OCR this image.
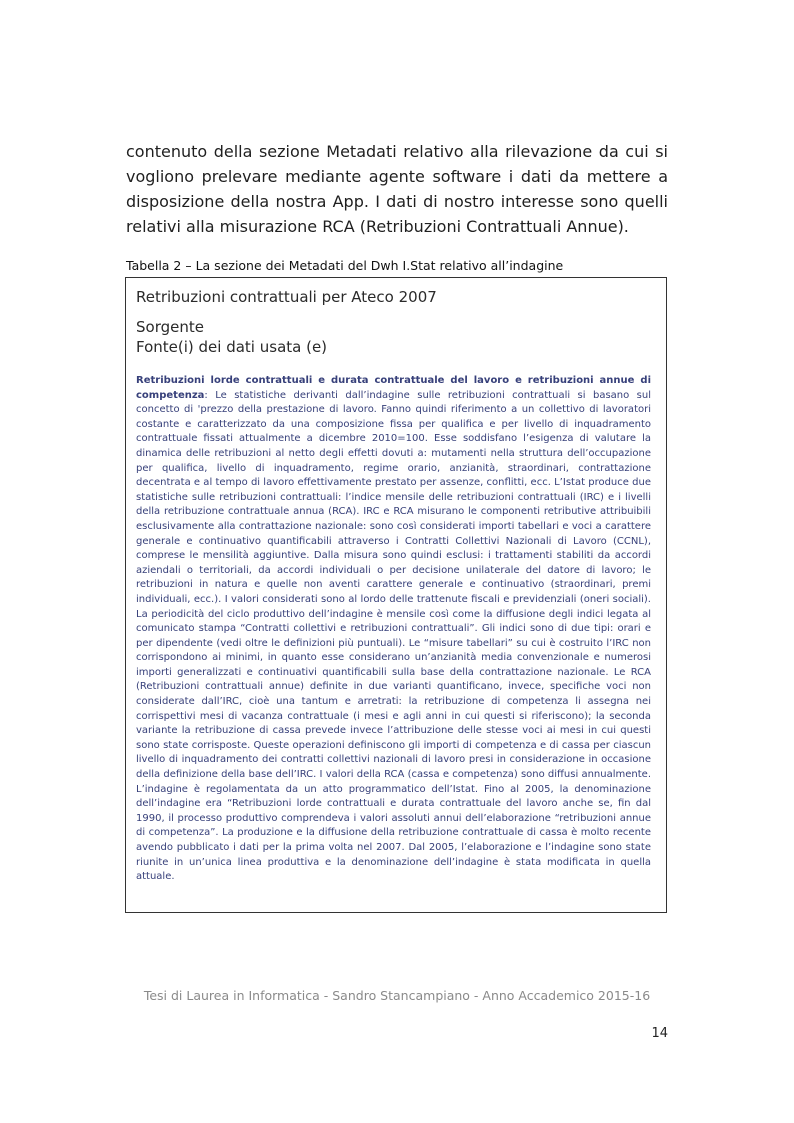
contenuto della sezione Metadati relativo alla rilevazione da cui si vogliono prelevare mediante agente software i dati da mettere a disposizione della nostra App. I dati di nostro interesse sono quelli relativi alla misurazione RCA (Retribuzioni Contrattuali Annue).

Tabella 2 – La sezione dei Metadati del Dwh I.Stat relativo all’indagine

Retribuzioni contrattuali per Ateco 2007

Sorgente

Fonte(i) dei dati usata (e)

Retribuzioni lorde contrattuali e durata contrattuale del lavoro e retribuzioni annue di competenza: Le statistiche derivanti dall’indagine sulle retribuzioni contrattuali si basano sul concetto di 'prezzo della prestazione di lavoro. Fanno quindi riferimento a un collettivo di lavoratori costante e caratterizzato da una composizione fissa per qualifica e per livello di inquadramento contrattuale fissati attualmente a dicembre 2010=100. Esse soddisfano l’esigenza di valutare la dinamica delle retribuzioni al netto degli effetti dovuti a: mutamenti nella struttura dell’occupazione per qualifica, livello di inquadramento, regime orario, anzianità, straordinari, contrattazione decentrata e al tempo di lavoro effettivamente prestato per assenze, conflitti, ecc. L’Istat produce due statistiche sulle retribuzioni contrattuali: l’indice mensile delle retribuzioni contrattuali (IRC) e i livelli della retribuzione contrattuale annua (RCA). IRC e RCA misurano le componenti retributive attribuibili esclusivamente alla contrattazione nazionale: sono così considerati importi tabellari e voci a carattere generale e continuativo quantificabili attraverso i Contratti Collettivi Nazionali di Lavoro (CCNL), comprese le mensilità aggiuntive. Dalla misura sono quindi esclusi: i trattamenti stabiliti da accordi aziendali o territoriali, da accordi individuali o per decisione unilaterale del datore di lavoro; le retribuzioni in natura e quelle non aventi carattere generale e continuativo (straordinari, premi individuali, ecc.). I valori considerati sono al lordo delle trattenute fiscali e previdenziali (oneri sociali). La periodicità del ciclo produttivo dell’indagine è mensile così come la diffusione degli indici legata al comunicato stampa “Contratti collettivi e retribuzioni contrattuali”. Gli indici sono di due tipi: orari e per dipendente (vedi oltre le definizioni più puntuali). Le “misure tabellari” su cui è costruito l’IRC non corrispondono ai minimi, in quanto esse considerano un’anzianità media convenzionale e numerosi importi generalizzati e continuativi quantificabili sulla base della contrattazione nazionale. Le RCA (Retribuzioni contrattuali annue) definite in due varianti quantificano, invece, specifiche voci non considerate dall’IRC, cioè una tantum e arretrati: la retribuzione di competenza li assegna nei corrispettivi mesi di vacanza contrattuale (i mesi e agli anni in cui questi si riferiscono); la seconda variante la retribuzione di cassa prevede invece l’attribuzione delle stesse voci ai mesi in cui questi sono state corrisposte. Queste operazioni definiscono gli importi di competenza e di cassa per ciascun livello di inquadramento dei contratti collettivi nazionali di lavoro presi in considerazione in occasione della definizione della base dell’IRC. I valori della RCA (cassa e competenza) sono diffusi annualmente. L’indagine è regolamentata da un atto programmatico dell’Istat. Fino al 2005, la denominazione dell’indagine era “Retribuzioni lorde contrattuali e durata contrattuale del lavoro anche se, fin dal 1990, il processo produttivo comprendeva i valori assoluti annui dell’elaborazione “retribuzioni annue di competenza”. La produzione e la diffusione della retribuzione contrattuale di cassa è molto recente avendo pubblicato i dati per la prima volta nel 2007. Dal 2005, l’elaborazione e l’indagine sono state riunite in un’unica linea produttiva e la denominazione dell’indagine è stata modificata in quella attuale.

Tesi di Laurea in Informatica - Sandro Stancampiano - Anno Accademico 2015-16

14
